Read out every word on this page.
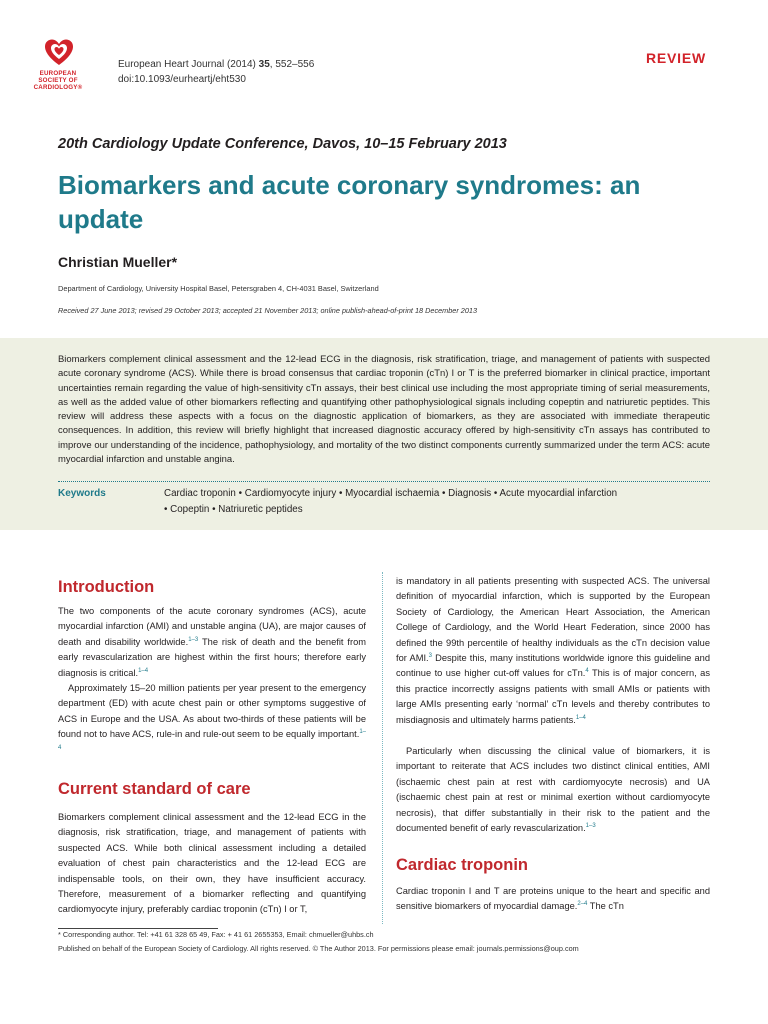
EUROPEAN
SOCIETY OF
CARDIOLOGY®
European Heart Journal (2014) 35, 552–556
doi:10.1093/eurheartj/eht530
REVIEW
20th Cardiology Update Conference, Davos, 10–15 February 2013
Biomarkers and acute coronary syndromes: an update
Christian Mueller*
Department of Cardiology, University Hospital Basel, Petersgraben 4, CH-4031 Basel, Switzerland
Received 27 June 2013; revised 29 October 2013; accepted 21 November 2013; online publish-ahead-of-print 18 December 2013
Biomarkers complement clinical assessment and the 12-lead ECG in the diagnosis, risk stratification, triage, and management of patients with suspected acute coronary syndrome (ACS). While there is broad consensus that cardiac troponin (cTn) I or T is the preferred biomarker in clinical practice, important uncertainties remain regarding the value of high-sensitivity cTn assays, their best clinical use including the most appropriate timing of serial measurements, as well as the added value of other biomarkers reflecting and quantifying other pathophysiological signals including copeptin and natriuretic peptides. This review will address these aspects with a focus on the diagnostic application of biomarkers, as they are associated with immediate therapeutic consequences. In addition, this review will briefly highlight that increased diagnostic accuracy offered by high-sensitivity cTn assays has contributed to improve our understanding of the incidence, pathophysiology, and mortality of the two distinct components currently summarized under the term ACS: acute myocardial infarction and unstable angina.
Keywords	Cardiac troponin • Cardiomyocyte injury • Myocardial ischaemia • Diagnosis • Acute myocardial infarction
• Copeptin • Natriuretic peptides
Introduction
The two components of the acute coronary syndromes (ACS), acute myocardial infarction (AMI) and unstable angina (UA), are major causes of death and disability worldwide.$^{1-3}$ The risk of death and the benefit from early revascularization are highest within the first hours; therefore early diagnosis is critical.$^{1-4}$
Approximately 15–20 million patients per year present to the emergency department (ED) with acute chest pain or other symptoms suggestive of ACS in Europe and the USA. As about two-thirds of these patients will be found not to have ACS, rule-in and rule-out seem to be equally important.$^{1-4}$
Current standard of care
Biomarkers complement clinical assessment and the 12-lead ECG in the diagnosis, risk stratification, triage, and management of patients with suspected ACS. While both clinical assessment including a detailed evaluation of chest pain characteristics and the 12-lead ECG are indispensable tools, on their own, they have insufficient accuracy. Therefore, measurement of a biomarker reflecting and quantifying cardiomyocyte injury, preferably cardiac troponin (cTn) I or T,
is mandatory in all patients presenting with suspected ACS. The universal definition of myocardial infarction, which is supported by the European Society of Cardiology, the American Heart Association, the American College of Cardiology, and the World Heart Federation, since 2000 has defined the 99th percentile of healthy individuals as the cTn decision value for AMI.$^3$ Despite this, many institutions worldwide ignore this guideline and continue to use higher cut-off values for cTn.$^4$ This is of major concern, as this practice incorrectly assigns patients with small AMIs or patients with large AMIs presenting early ‘normal’ cTn levels and thereby contributes to misdiagnosis and ultimately harms patients.$^{1-4}$
Particularly when discussing the clinical value of biomarkers, it is important to reiterate that ACS includes two distinct clinical entities, AMI (ischaemic chest pain at rest with cardiomyocyte necrosis) and UA (ischaemic chest pain at rest or minimal exertion without cardiomyocyte necrosis), that differ substantially in their risk to the patient and the documented benefit of early revascularization.$^{1-3}$
Cardiac troponin
Cardiac troponin I and T are proteins unique to the heart and specific and sensitive biomarkers of myocardial damage.$^{2-4}$ The cTn
* Corresponding author. Tel: +41 61 328 65 49, Fax: + 41 61 2655353, Email: chmueller@uhbs.ch
Published on behalf of the European Society of Cardiology. All rights reserved. © The Author 2013. For permissions please email: journals.permissions@oup.com
